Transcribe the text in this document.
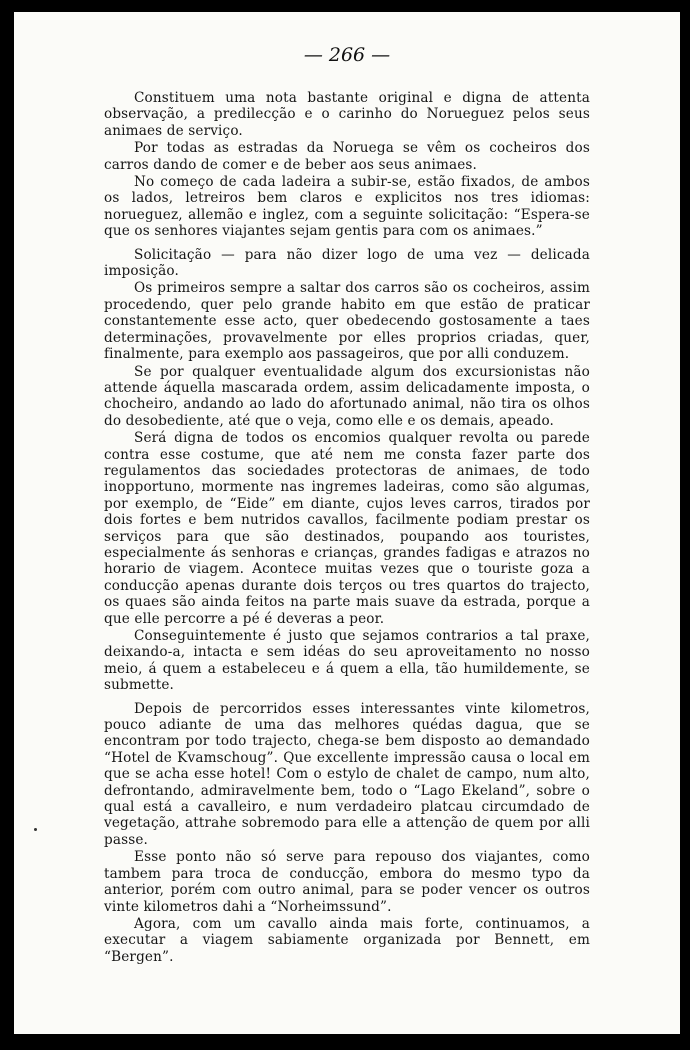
— 266 —

Constituem uma nota bastante original e digna de attenta observação, a predilecção e o carinho do Norueguez pelos seus animaes de serviço.

Por todas as estradas da Noruega se vêm os cocheiros dos carros dando de comer e de beber aos seus animaes.

No começo de cada ladeira a subir-se, estão fixados, de ambos os lados, letreiros bem claros e explicitos nos tres idiomas: norueguez, allemão e inglez, com a seguinte solicitação: “Espera-se que os senhores viajantes sejam gentis para com os animaes.”

Solicitação — para não dizer logo de uma vez — delicada imposição.

Os primeiros sempre a saltar dos carros são os cocheiros, assim procedendo, quer pelo grande habito em que estão de praticar constantemente esse acto, quer obedecendo gostosamente a taes determinações, provavelmente por elles proprios criadas, quer, finalmente, para exemplo aos passageiros, que por alli conduzem.

Se por qualquer eventualidade algum dos excursionistas não attende áquella mascarada ordem, assim delicadamente imposta, o chocheiro, andando ao lado do afortunado animal, não tira os olhos do desobediente, até que o veja, como elle e os demais, apeado.

Será digna de todos os encomios qualquer revolta ou parede contra esse costume, que até nem me consta fazer parte dos regulamentos das sociedades protectoras de animaes, de todo inopportuno, mormente nas ingremes ladeiras, como são algumas, por exemplo, de “Eide” em diante, cujos leves carros, tirados por dois fortes e bem nutridos cavallos, facilmente podiam prestar os serviços para que são destinados, poupando aos touristes, especialmente ás senhoras e crianças, grandes fadigas e atrazos no horario de viagem. Acontece muitas vezes que o touriste goza a conducção apenas durante dois terços ou tres quartos do trajecto, os quaes são ainda feitos na parte mais suave da estrada, porque a que elle percorre a pé é deveras a peor.

Conseguintemente é justo que sejamos contrarios a tal praxe, deixando-a, intacta e sem idéas do seu aproveitamento no nosso meio, á quem a estabeleceu e á quem a ella, tão humildemente, se submette.

Depois de percorridos esses interessantes vinte kilometros, pouco adiante de uma das melhores quédas dagua, que se encontram por todo trajecto, chega-se bem disposto ao demandado “Hotel de Kvamschoug”. Que excellente impressão causa o local em que se acha esse hotel! Com o estylo de chalet de campo, num alto, defrontando, admiravelmente bem, todo o “Lago Ekeland”, sobre o qual está a cavalleiro, e num verdadeiro platcau circumdado de vegetação, attrahe sobremodo para elle a attenção de quem por alli passe.

Esse ponto não só serve para repouso dos viajantes, como tambem para troca de conducção, embora do mesmo typo da anterior, porém com outro animal, para se poder vencer os outros vinte kilometros dahi a “Norheimssund”.

Agora, com um cavallo ainda mais forte, continuamos, a executar a viagem sabiamente organizada por Bennett, em “Bergen”.
